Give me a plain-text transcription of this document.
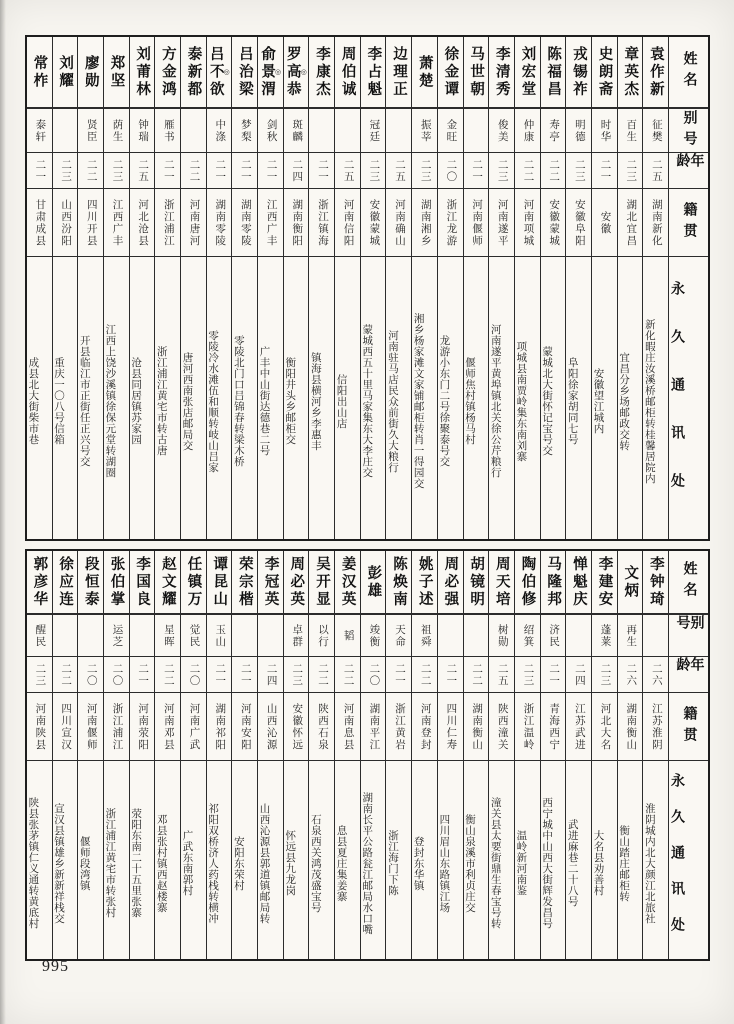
姓名
别号
年龄
籍贯
永久通讯处
袁作新
征樊
二五
湖南新化
新化暇庄汝溪桥邮柜转桂馨居院内
章英杰
百生
二三
湖北宜昌
宜昌分乡场邮政交转
史朗斋
时华
二一
安徽
安徽望江城内
戎锡祚
明德
二三
安徽阜阳
阜阳徐家胡同七号
陈福昌
寿亭
二二
安徽蒙城
蒙城北大街怀记宝号交
刘宏堂
仲康
二二
河南项城
项城县南贾岭集东南刘寨
李清秀
俊美
二三
河南遂平
河南遂平黄埠镇北关徐公芹粮行
马世朝
二一
河南偃师
偃师焦村镇杨马村
徐金谭
金旺
二〇
浙江龙游
龙游小东门二号徐聚泰号交
萧楚
振莘
二三
湖南湘乡
湘乡杨家滩文家铺邮柜转肖一得园交
边理正
二五
河南确山
河南驻马店民众前街久大粮行
李占魁
冠廷
二三
安徽蒙城
蒙城西五十里马家集东大李庄交
周伯诚
二五
河南信阳
信阳出山店
李康杰
二一
浙江镇海
镇海县横河乡李惠丰
罗高恭 ◎
斑麟
二四
湖南衡阳
衡阳井头乡邮柜交
俞景渭 ◎
剑秋
二一
江西广丰
广丰中山街达德巷二号
吕治梁
梦梨
二一
湖南零陵
零陵北门口吕锦春转梁木桥
吕不欲 ◎
中涤
二一
湖南零陵
零陵冷水滩伍和顺转岐山吕家
泰新都
二二
河南唐河
唐河西南张店邮局交
方金鸿
雁书
二一
浙江浦江
浙江浦江黄宅市转古唐
刘莆林
钟瑞
二五
河北沧县
沧县同居镇苏家园
郑坚
荫生
二三
江西广丰
江西上饶沙溪镇徐保元堂转湖圈
廖勋
贤臣
二二
四川开县
开县临江市正街任正兴号交
刘耀
二三
山西汾阳
重庆一〇八号信箱
常柞
泰轩
二一
甘肃成县
成县北大街柴市巷
姓名
别号
年龄
籍贯
永久通讯处
李钟琦
二六
江苏淮阴
淮阴城内北大颜江北旅社
文炳
再生
二六
湖南衡山
衡山踏庄邮柜转
李建安
蓬莱
二三
河北大名
大名县劝善村
惮魁庆
二四
江苏武进
武进麻巷二十八号
马隆邦
济民
二一
青海西宁
西宁城中山西大街辉发昌号
陶伯修
绍箕
二三
浙江温岭
温岭新河南鉴
周天培
树勋
二五
陕西潼关
潼关县太要街鼎生春宝号转
胡镜明
二二
湖南衡山
衡山泉溪市利贞庄交
周必强
二一
四川仁寿
四川眉山东路镇江场
姚子述
祖舜
二二
河南登封
登封东华镇
陈焕南
天命
二一
浙江黄岩
浙江海门下陈
彭雄
竣衡
二〇
湖南平江
湖南长平公路瓮江邮局水口嘴
姜汉英
韬
二二
河南息县
息县夏庄集姜寨
吴开显
以行
二二
陕西石泉
石泉西关鸿茂盛宝号
周必英
卓群
二三
安徽怀远
怀远县九龙岗
李冠英
二四
山西沁源
山西沁源县郭道镇邮局转
荣宗楷
二一
河南安阳
安阳东荣村
谭昆山
玉山
二一
湖南祁阳
祁阳双桥济人药栈转横冲
任镇万
觉民
二〇
河南广武
广武东南郭村
赵文耀
星晖
二二
河南邓县
邓县张村镇西赵楼寨
李国良
二一
河南荥阳
荥阳东南二十五里张寨
张伯掌
运芝
二〇
浙江浦江
浙江浦江黄宅市转张村
段恒泰
二〇
河南偃师
偃师段湾镇
徐应连
二二
四川宣汉
宣汉县镇雄乡新新祥栈交
郭彦华
醒民
二三
河南陕县
陕县张茅镇仁义通转黄底村
995
